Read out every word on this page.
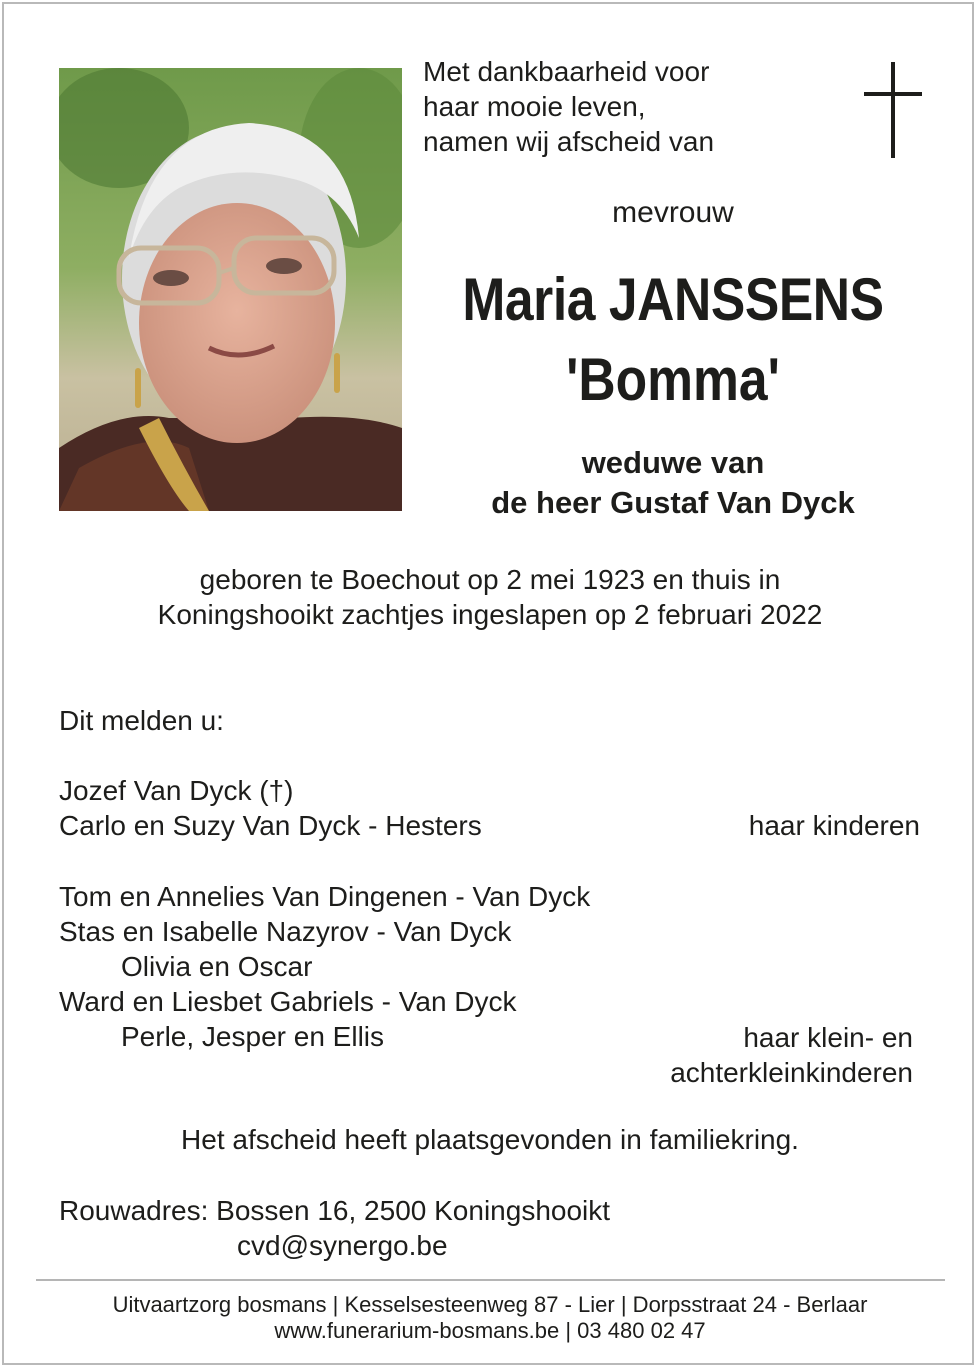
Met dankbaarheid voor
haar mooie leven,
namen wij afscheid van
mevrouw
Maria JANSSENS
'Bomma'
weduwe van
de heer Gustaf Van Dyck
geboren te Boechout op 2 mei 1923 en thuis in
Koningshooikt zachtjes ingeslapen op 2 februari 2022
Dit melden u:
Jozef Van Dyck (†)
Carlo en Suzy Van Dyck - Hesters	haar kinderen
Tom en Annelies Van Dingenen - Van Dyck
Stas en Isabelle Nazyrov - Van Dyck
Olivia en Oscar
Ward en Liesbet Gabriels - Van Dyck
Perle, Jesper en Ellis	haar klein- en
achterkleinkinderen
Het afscheid heeft plaatsgevonden in familiekring.
Rouwadres: Bossen 16, 2500 Koningshooikt
cvd@synergo.be
Uitvaartzorg bosmans | Kesselsesteenweg 87 - Lier | Dorpsstraat 24 - Berlaar
www.funerarium-bosmans.be | 03 480 02 47
